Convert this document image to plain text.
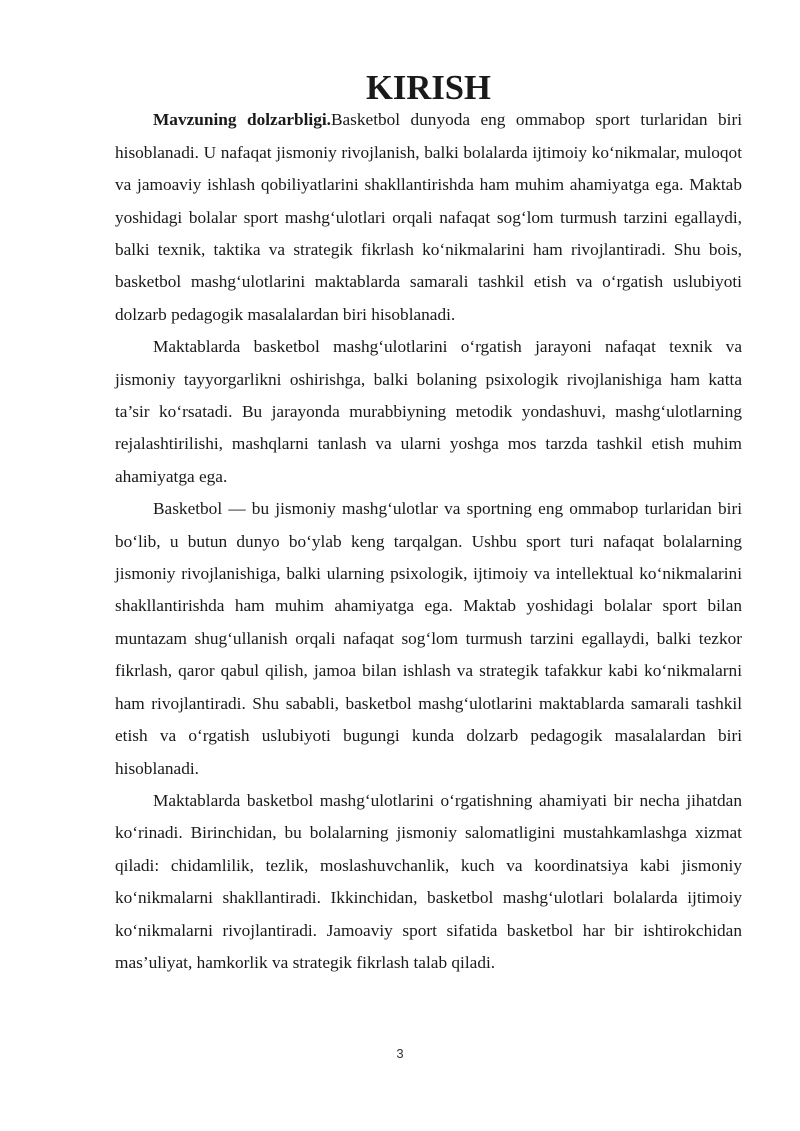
KIRISH

Mavzuning dolzarbligi.Basketbol dunyoda eng ommabop sport turlaridan biri hisoblanadi. U nafaqat jismoniy rivojlanish, balki bolalarda ijtimoiy ko‘nikmalar, muloqot va jamoaviy ishlash qobiliyatlarini shakllantirishda ham muhim ahamiyatga ega. Maktab yoshidagi bolalar sport mashg‘ulotlari orqali nafaqat sog‘lom turmush tarzini egallaydi, balki texnik, taktika va strategik fikrlash ko‘nikmalarini ham rivojlantiradi. Shu bois, basketbol mashg‘ulotlarini maktablarda samarali tashkil etish va o‘rgatish uslubiyoti dolzarb pedagogik masalalardan biri hisoblanadi.

Maktablarda basketbol mashg‘ulotlarini o‘rgatish jarayoni nafaqat texnik va jismoniy tayyorgarlikni oshirishga, balki bolaning psixologik rivojlanishiga ham katta ta’sir ko‘rsatadi. Bu jarayonda murabbiyning metodik yondashuvi, mashg‘ulotlarning rejalashtirilishi, mashqlarni tanlash va ularni yoshga mos tarzda tashkil etish muhim ahamiyatga ega.

Basketbol — bu jismoniy mashg‘ulotlar va sportning eng ommabop turlaridan biri bo‘lib, u butun dunyo bo‘ylab keng tarqalgan. Ushbu sport turi nafaqat bolalarning jismoniy rivojlanishiga, balki ularning psixologik, ijtimoiy va intellektual ko‘nikmalarini shakllantirishda ham muhim ahamiyatga ega. Maktab yoshidagi bolalar sport bilan muntazam shug‘ullanish orqali nafaqat sog‘lom turmush tarzini egallaydi, balki tezkor fikrlash, qaror qabul qilish, jamoa bilan ishlash va strategik tafakkur kabi ko‘nikmalarni ham rivojlantiradi. Shu sababli, basketbol mashg‘ulotlarini maktablarda samarali tashkil etish va o‘rgatish uslubiyoti bugungi kunda dolzarb pedagogik masalalardan biri hisoblanadi.

Maktablarda basketbol mashg‘ulotlarini o‘rgatishning ahamiyati bir necha jihatdan ko‘rinadi. Birinchidan, bu bolalarning jismoniy salomatligini mustahkamlashga xizmat qiladi: chidamlilik, tezlik, moslashuvchanlik, kuch va koordinatsiya kabi jismoniy ko‘nikmalarni shakllantiradi. Ikkinchidan, basketbol mashg‘ulotlari bolalarda ijtimoiy ko‘nikmalarni rivojlantiradi. Jamoaviy sport sifatida basketbol har bir ishtirokchidan mas’uliyat, hamkorlik va strategik fikrlash talab qiladi.

3
